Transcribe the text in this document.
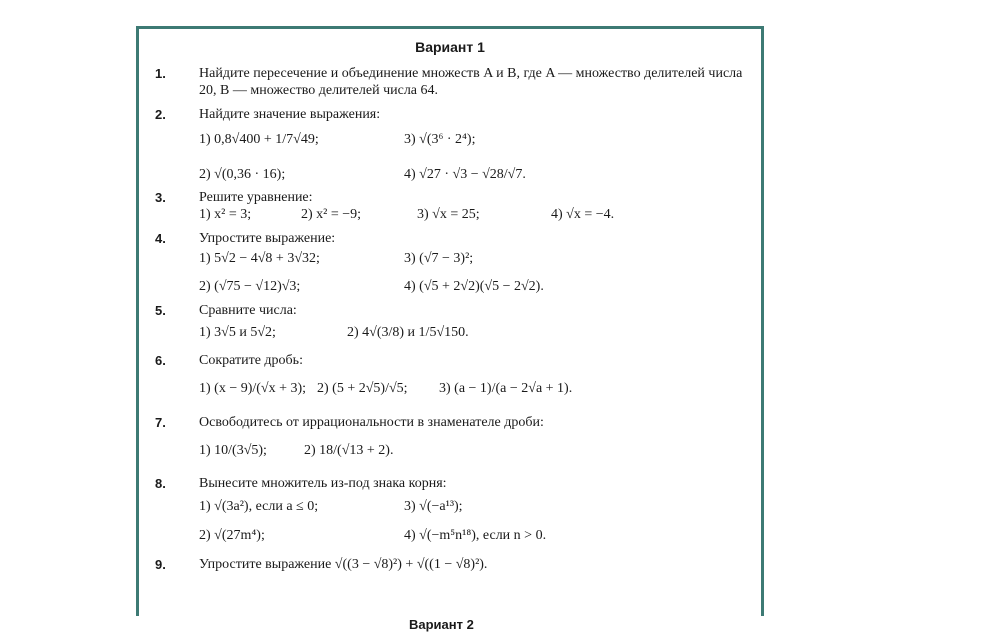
Вариант 1
1. Найдите пересечение и объединение множеств A и B, где A — множество делителей числа 20, B — множество делителей числа 64.
2. Найдите значение выражения:
1) 0,8√400 + 1/7√49;	3) √(3⁶ · 2⁴);
2) √(0,36 · 16);	4) √27 · √3 − √28/√7.
3. Решите уравнение:
1) x² = 3;	2) x² = −9;	3) √x = 25;	4) √x = −4.
4. Упростите выражение:
1) 5√2 − 4√8 + 3√32;	3) (√7 − 3)²;
2) (√75 − √12)√3;	4) (√5 + 2√2)(√5 − 2√2).
5. Сравните числа:
1) 3√5 и 5√2;	2) 4√(3/8) и 1/5√150.
6. Сократите дробь:
1) (x − 9)/(√x + 3); 2) (5 + 2√5)/√5; 3) (a − 1)/(a − 2√a + 1).
7. Освободитесь от иррациональности в знаменателе дроби:
1) 10/(3√5);	2) 18/(√13 + 2).
8. Вынесите множитель из-под знака корня:
1) √(3a²), если a ≤ 0;	3) √(−a¹³);
2) √(27m⁴);	4) √(−m⁵n¹⁸), если n > 0.
9. Упростите выражение √((3 − √8)²) + √((1 − √8)²).
Вариант 2
